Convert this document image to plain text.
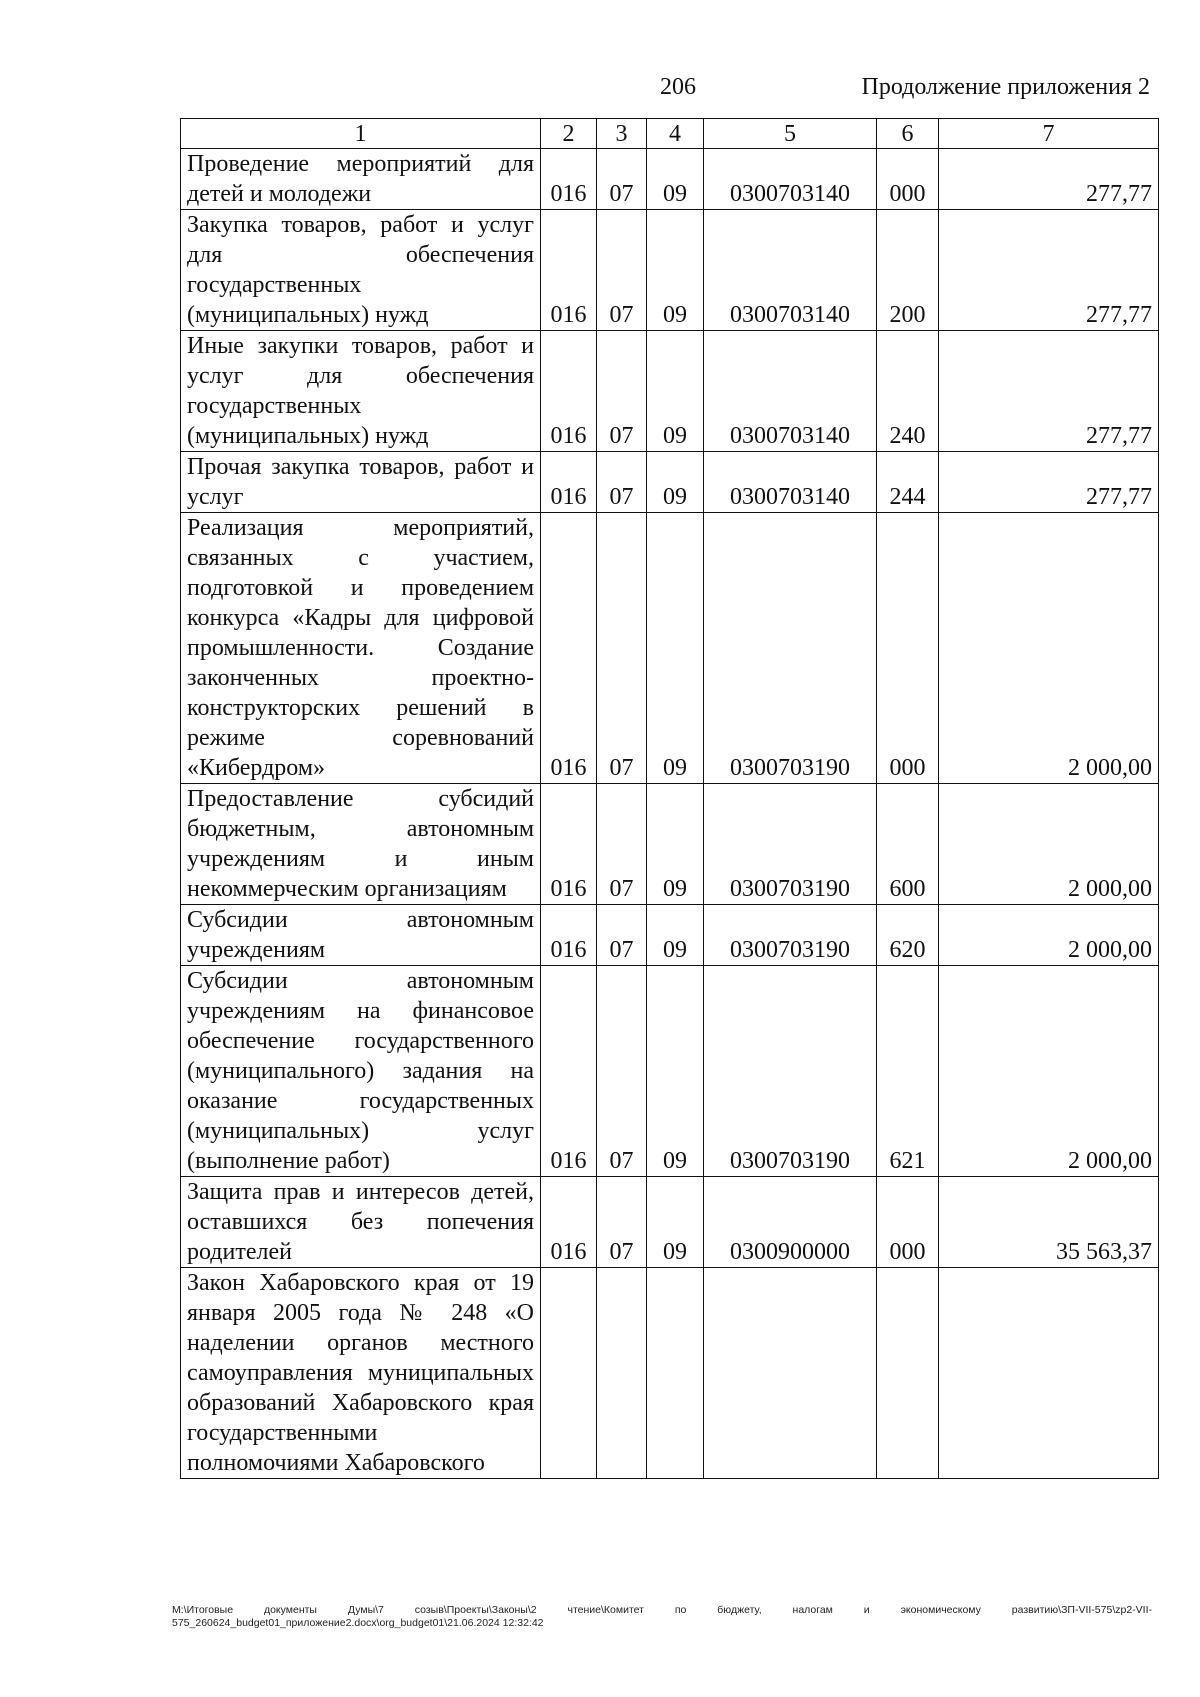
206	Продолжение приложения 2
1	2	3	4	5	6	7
Проведение мероприятий для детей и молодежи	016	07	09	0300703140	000	277,77
Закупка товаров, работ и услуг для обеспечения государственных (муниципальных) нужд	016	07	09	0300703140	200	277,77
Иные закупки товаров, работ и услуг для обеспечения государственных (муниципальных) нужд	016	07	09	0300703140	240	277,77
Прочая закупка товаров, работ и услуг	016	07	09	0300703140	244	277,77
Реализация мероприятий, связанных с участием, подготовкой и проведением конкурса «Кадры для цифровой промышленности. Создание законченных проектно-конструкторских решений в режиме соревнований «Кибердром»	016	07	09	0300703190	000	2 000,00
Предоставление субсидий бюджетным, автономным учреждениям и иным некоммерческим организациям	016	07	09	0300703190	600	2 000,00
Субсидии автономным учреждениям	016	07	09	0300703190	620	2 000,00
Субсидии автономным учреждениям на финансовое обеспечение государственного (муниципального) задания на оказание государственных (муниципальных) услуг (выполнение работ)	016	07	09	0300703190	621	2 000,00
Защита прав и интересов детей, оставшихся без попечения родителей	016	07	09	0300900000	000	35 563,37
Закон Хабаровского края от 19 января 2005 года № 248 «О наделении органов местного самоуправления муниципальных образований Хабаровского края государственными полномочиями Хабаровского						
M:\Итоговые документы Думы\7 созыв\Проекты\Законы\2 чтение\Комитет по бюджету, налогам и экономическому развитию\ЗП-VII-575\zp2-VII-575_260624_budget01_приложение2.docx\org_budget01\21.06.2024 12:32:42
